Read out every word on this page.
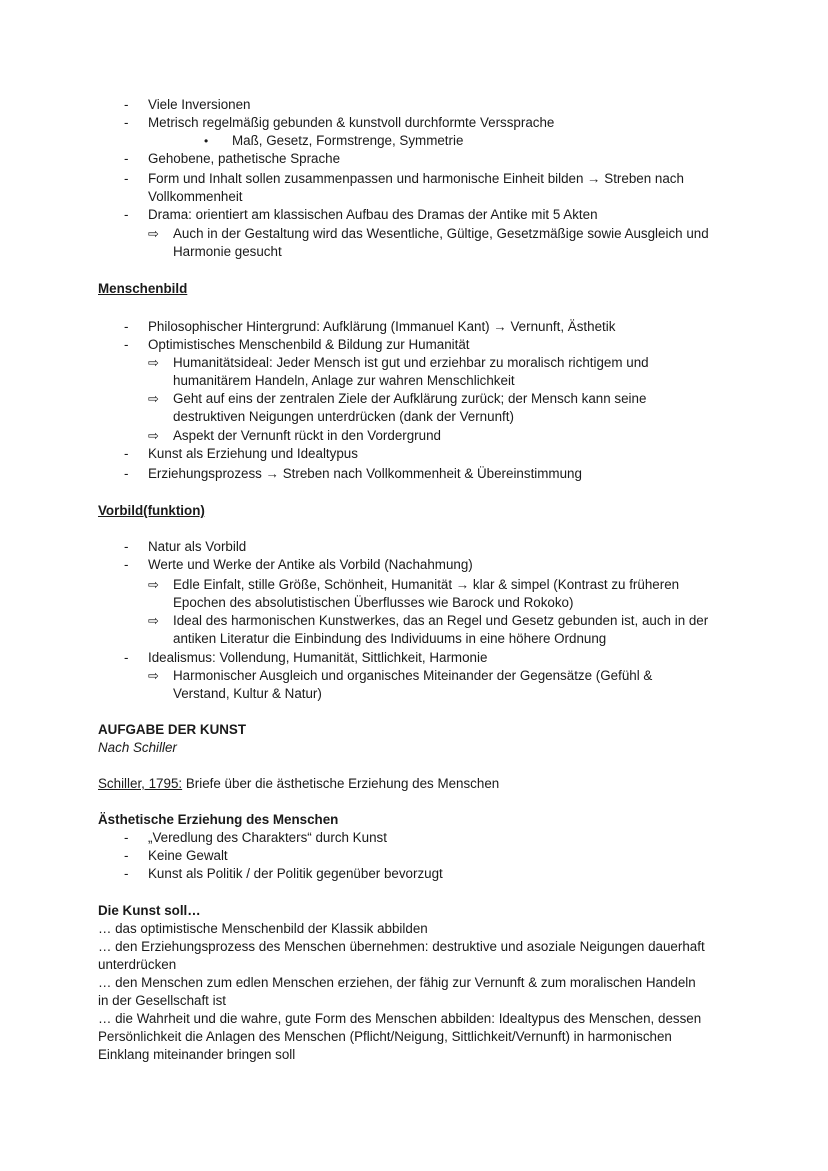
- Viele Inversionen
- Metrisch regelmäßig gebunden & kunstvoll durchformte Verssprache
• Maß, Gesetz, Formstrenge, Symmetrie
- Gehobene, pathetische Sprache
- Form und Inhalt sollen zusammenpassen und harmonische Einheit bilden → Streben nach
Vollkommenheit
- Drama: orientiert am klassischen Aufbau des Dramas der Antike mit 5 Akten
⇨ Auch in der Gestaltung wird das Wesentliche, Gültige, Gesetzmäßige sowie Ausgleich und
Harmonie gesucht
Menschenbild
- Philosophischer Hintergrund: Aufklärung (Immanuel Kant) → Vernunft, Ästhetik
- Optimistisches Menschenbild & Bildung zur Humanität
⇨ Humanitätsideal: Jeder Mensch ist gut und erziehbar zu moralisch richtigem und
humanitärem Handeln, Anlage zur wahren Menschlichkeit
⇨ Geht auf eins der zentralen Ziele der Aufklärung zurück; der Mensch kann seine
destruktiven Neigungen unterdrücken (dank der Vernunft)
⇨ Aspekt der Vernunft rückt in den Vordergrund
- Kunst als Erziehung und Idealtypus
- Erziehungsprozess → Streben nach Vollkommenheit & Übereinstimmung
Vorbild(funktion)
- Natur als Vorbild
- Werte und Werke der Antike als Vorbild (Nachahmung)
⇨ Edle Einfalt, stille Größe, Schönheit, Humanität → klar & simpel (Kontrast zu früheren
Epochen des absolutistischen Überflusses wie Barock und Rokoko)
⇨ Ideal des harmonischen Kunstwerkes, das an Regel und Gesetz gebunden ist, auch in der
antiken Literatur die Einbindung des Individuums in eine höhere Ordnung
- Idealismus: Vollendung, Humanität, Sittlichkeit, Harmonie
⇨ Harmonischer Ausgleich und organisches Miteinander der Gegensätze (Gefühl &
Verstand, Kultur & Natur)
AUFGABE DER KUNST
Nach Schiller
Schiller, 1795: Briefe über die ästhetische Erziehung des Menschen
Ästhetische Erziehung des Menschen
- „Veredlung des Charakters“ durch Kunst
- Keine Gewalt
- Kunst als Politik / der Politik gegenüber bevorzugt
Die Kunst soll…
… das optimistische Menschenbild der Klassik abbilden
… den Erziehungsprozess des Menschen übernehmen: destruktive und asoziale Neigungen dauerhaft
unterdrücken
… den Menschen zum edlen Menschen erziehen, der fähig zur Vernunft & zum moralischen Handeln
in der Gesellschaft ist
… die Wahrheit und die wahre, gute Form des Menschen abbilden: Idealtypus des Menschen, dessen
Persönlichkeit die Anlagen des Menschen (Pflicht/Neigung, Sittlichkeit/Vernunft) in harmonischen
Einklang miteinander bringen soll
